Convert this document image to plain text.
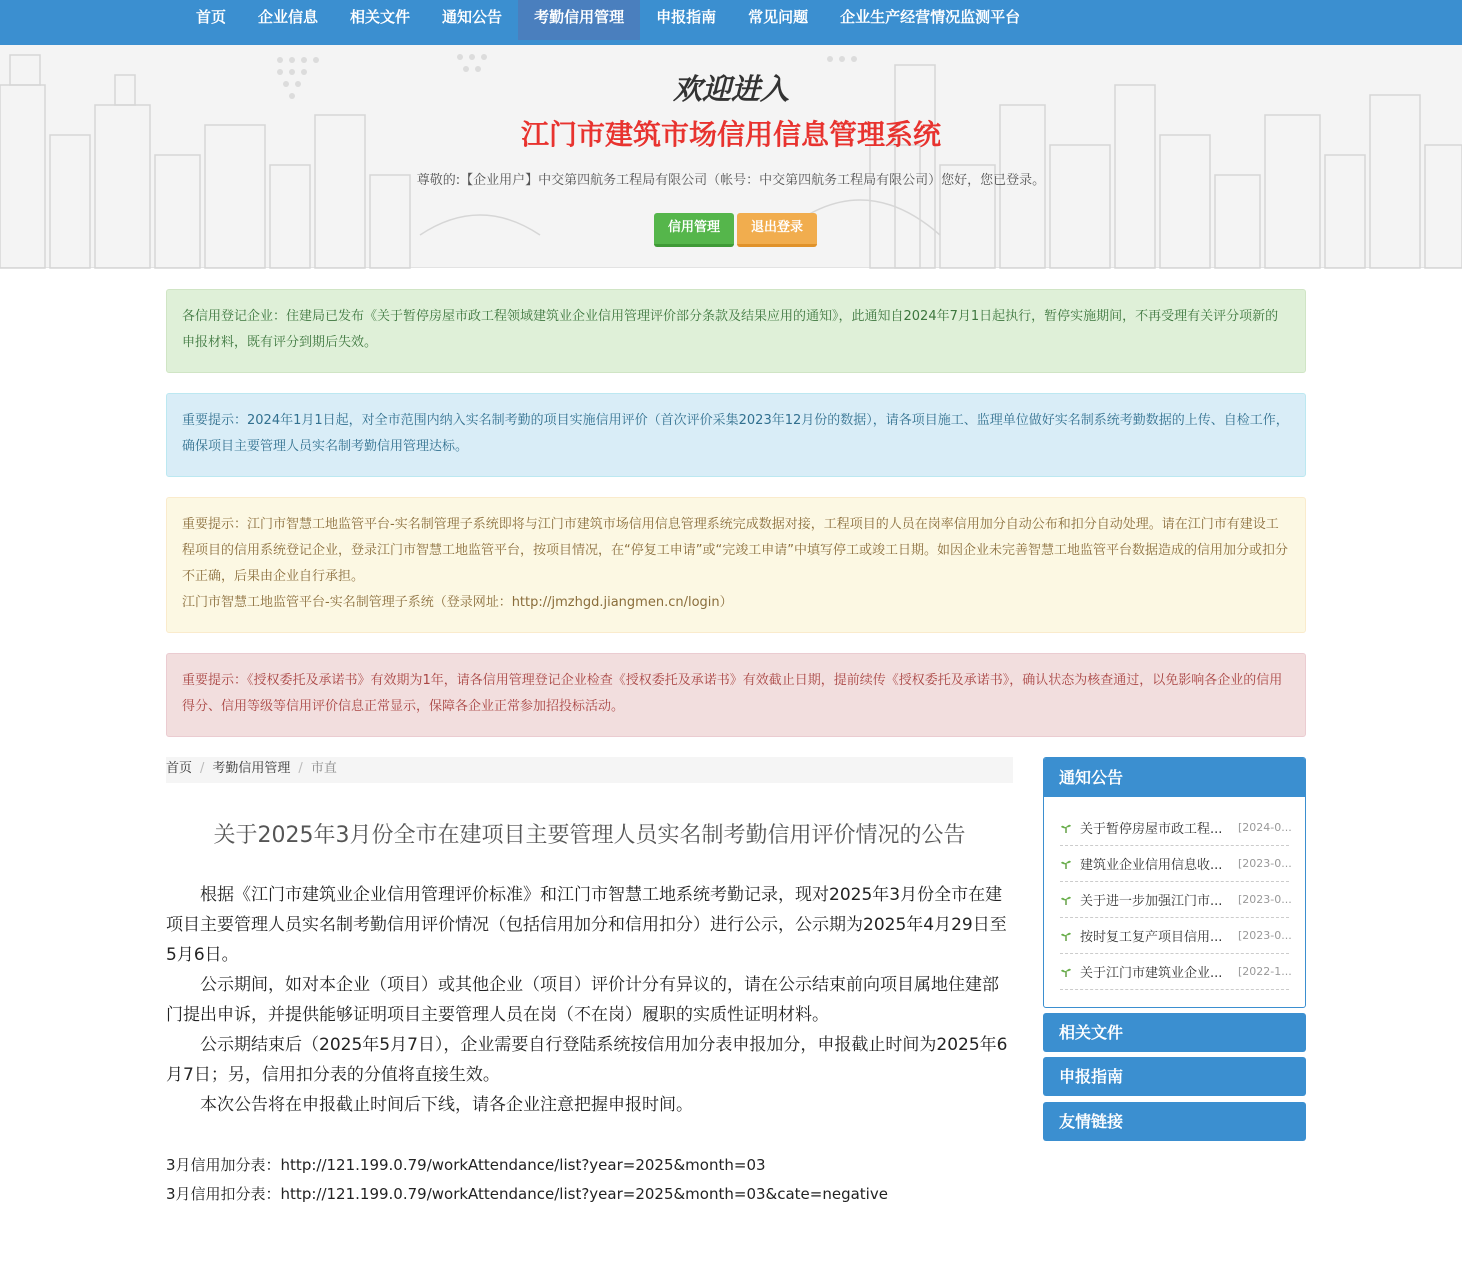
首页	企业信息	相关文件	通知公告	考勤信用管理	申报指南	常见问题	企业生产经营情况监测平台
欢迎进入
江门市建筑市场信用信息管理系统
尊敬的:【企业用户】中交第四航务工程局有限公司（帐号：中交第四航务工程局有限公司）您好，您已登录。
信用管理	退出登录
各信用登记企业：住建局已发布《关于暂停房屋市政工程领域建筑业企业信用管理评价部分条款及结果应用的通知》，此通知自2024年7月1日起执行，暂停实施期间，不再受理有关评分项新的申报材料，既有评分到期后失效。
重要提示：2024年1月1日起，对全市范围内纳入实名制考勤的项目实施信用评价（首次评价采集2023年12月份的数据），请各项目施工、监理单位做好实名制系统考勤数据的上传、自检工作，确保项目主要管理人员实名制考勤信用管理达标。
重要提示：江门市智慧工地监管平台-实名制管理子系统即将与江门市建筑市场信用信息管理系统完成数据对接，工程项目的人员在岗率信用加分自动公布和扣分自动处理。请在江门市有建设工程项目的信用系统登记企业，登录江门市智慧工地监管平台，按项目情况，在“停复工申请”或“完竣工申请”中填写停工或竣工日期。如因企业未完善智慧工地监管平台数据造成的信用加分或扣分不正确，后果由企业自行承担。
江门市智慧工地监管平台-实名制管理子系统（登录网址：http://jmzhgd.jiangmen.cn/login）
重要提示：《授权委托及承诺书》有效期为1年，请各信用管理登记企业检查《授权委托及承诺书》有效截止日期，提前续传《授权委托及承诺书》，确认状态为核查通过，以免影响各企业的信用得分、信用等级等信用评价信息正常显示，保障各企业正常参加招投标活动。
首页 / 考勤信用管理 / 市直
关于2025年3月份全市在建项目主要管理人员实名制考勤信用评价情况的公告

根据《江门市建筑业企业信用管理评价标准》和江门市智慧工地系统考勤记录，现对2025年3月份全市在建项目主要管理人员实名制考勤信用评价情况（包括信用加分和信用扣分）进行公示，公示期为2025年4月29日至5月6日。

公示期间，如对本企业（项目）或其他企业（项目）评价计分有异议的，请在公示结束前向项目属地住建部门提出申诉，并提供能够证明项目主要管理人员在岗（不在岗）履职的实质性证明材料。

公示期结束后（2025年5月7日），企业需要自行登陆系统按信用加分表申报加分，申报截止时间为2025年6月7日；另，信用扣分表的分值将直接生效。

本次公告将在申报截止时间后下线，请各企业注意把握申报时间。

3月信用加分表：http://121.199.0.79/workAttendance/list?year=2025&month=03
3月信用扣分表：http://121.199.0.79/workAttendance/list?year=2025&month=03&cate=negative
通知公告
关于暂停房屋市政工程...	[2024-0...
建筑业企业信用信息收...	[2023-0...
关于进一步加强江门市...	[2023-0...
按时复工复产项目信用...	[2023-0...
关于江门市建筑业企业...	[2022-1...
相关文件
申报指南
友情链接
